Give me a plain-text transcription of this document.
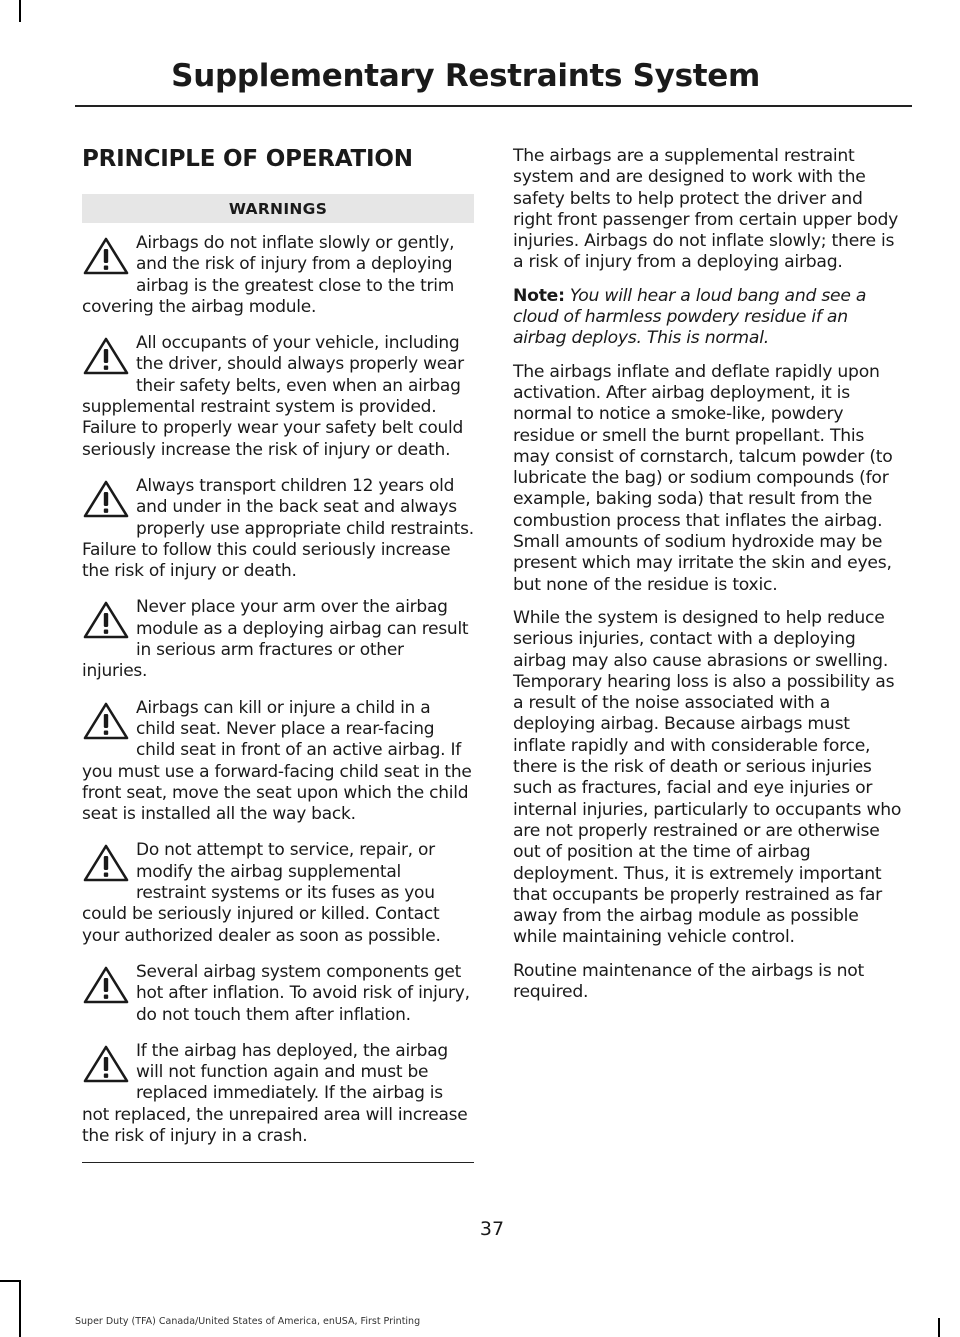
Supplementary Restraints System
PRINCIPLE OF OPERATION
WARNINGS
Airbags do not inflate slowly or gently, and the risk of injury from a deploying airbag is the greatest close to the trim covering the airbag module.
All occupants of your vehicle, including the driver, should always properly wear their safety belts, even when an airbag supplemental restraint system is provided. Failure to properly wear your safety belt could seriously increase the risk of injury or death.
Always transport children 12 years old and under in the back seat and always properly use appropriate child restraints. Failure to follow this could seriously increase the risk of injury or death.
Never place your arm over the airbag module as a deploying airbag can result in serious arm fractures or other injuries.
Airbags can kill or injure a child in a child seat. Never place a rear-facing child seat in front of an active airbag. If you must use a forward-facing child seat in the front seat, move the seat upon which the child seat is installed all the way back.
Do not attempt to service, repair, or modify the airbag supplemental restraint systems or its fuses as you could be seriously injured or killed. Contact your authorized dealer as soon as possible.
Several airbag system components get hot after inflation. To avoid risk of injury, do not touch them after inflation.
If the airbag has deployed, the airbag will not function again and must be replaced immediately. If the airbag is not replaced, the unrepaired area will increase the risk of injury in a crash.

The airbags are a supplemental restraint system and are designed to work with the safety belts to help protect the driver and right front passenger from certain upper body injuries. Airbags do not inflate slowly; there is a risk of injury from a deploying airbag.

Note: You will hear a loud bang and see a cloud of harmless powdery residue if an airbag deploys. This is normal.

The airbags inflate and deflate rapidly upon activation. After airbag deployment, it is normal to notice a smoke-like, powdery residue or smell the burnt propellant. This may consist of cornstarch, talcum powder (to lubricate the bag) or sodium compounds (for example, baking soda) that result from the combustion process that inflates the airbag. Small amounts of sodium hydroxide may be present which may irritate the skin and eyes, but none of the residue is toxic.

While the system is designed to help reduce serious injuries, contact with a deploying airbag may also cause abrasions or swelling. Temporary hearing loss is also a possibility as a result of the noise associated with a deploying airbag. Because airbags must inflate rapidly and with considerable force, there is the risk of death or serious injuries such as fractures, facial and eye injuries or internal injuries, particularly to occupants who are not properly restrained or are otherwise out of position at the time of airbag deployment. Thus, it is extremely important that occupants be properly restrained as far away from the airbag module as possible while maintaining vehicle control.

Routine maintenance of the airbags is not required.

37
Super Duty (TFA) Canada/United States of America, enUSA, First Printing
